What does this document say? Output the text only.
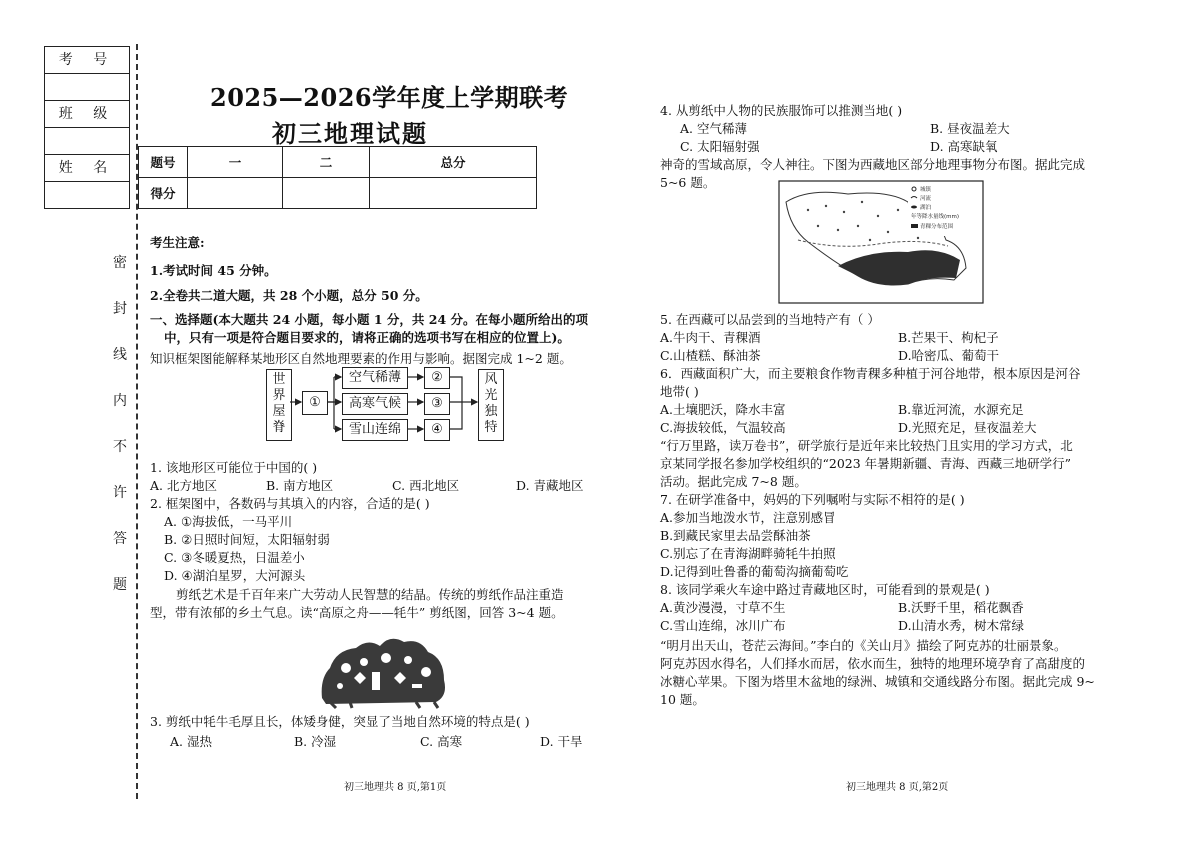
考 号
班 级
姓 名
密
封
线
内
不
许
答
题
2025—2026学年度上学期联考
初三地理试题
题号	一	二	总分
得分			
考生注意:
1.考试时间 45 分钟。
2.全卷共二道大题，共 28 个小题，总分 50 分。
一、选择题(本大题共 24 小题，每小题 1 分，共 24 分。在每小题所给出的项
中，只有一项是符合题目要求的，请将正确的选项书写在相应的位置上)。
知识框架图能解释某地形区自然地理要素的作用与影响。据图完成 1~2 题。
世界屋脊
①
空气稀薄
高寒气候
雪山连绵
②
③
④
风光独特
1. 该地形区可能位于中国的( )
A. 北方地区	B. 南方地区	C. 西北地区	D. 青藏地区
2. 框架图中，各数码与其填入的内容，合适的是( )
A. ①海拔低，一马平川
B. ②日照时间短，太阳辐射弱
C. ③冬暖夏热，日温差小
D. ④湖泊星罗，大河源头
剪纸艺术是千百年来广大劳动人民智慧的结晶。传统的剪纸作品注重造
型，带有浓郁的乡土气息。读“高原之舟——牦牛” 剪纸图，回答 3~4 题。
3. 剪纸中牦牛毛厚且长，体矮身健，突显了当地自然环境的特点是( )
A. 湿热	B. 冷湿	C. 高寒	D. 干旱
初三地理共 8 页,第1页
4. 从剪纸中人物的民族服饰可以推测当地( )
A. 空气稀薄	B. 昼夜温差大
C. 太阳辐射强	D. 高寒缺氧
神奇的雪域高原，令人神往。下图为西藏地区部分地理事物分布图。据此完成
5~6 题。	城镇
河流
湖泊
年等降水量线(mm)
青稞分布范围
5. 在西藏可以品尝到的当地特产有（ ）
A.牛肉干、青稞酒	B.芒果干、枸杞子
C.山楂糕、酥油茶	D.哈密瓜、葡萄干
6．西藏面积广大，而主要粮食作物青稞多种植于河谷地带，根本原因是河谷
地带( )
A.土壤肥沃，降水丰富	B.靠近河流，水源充足
C.海拔较低，气温较高	D.光照充足，昼夜温差大
“行万里路，读万卷书”，研学旅行是近年来比较热门且实用的学习方式，北
京某同学报名参加学校组织的“2023 年暑期新疆、青海、西藏三地研学行”
活动。据此完成 7~8 题。
7. 在研学准备中，妈妈的下列嘱咐与实际不相符的是( )
A.参加当地泼水节，注意别感冒
B.到藏民家里去品尝酥油茶
C.别忘了在青海湖畔骑牦牛拍照
D.记得到吐鲁番的葡萄沟摘葡萄吃
8. 该同学乘火车途中路过青藏地区时，可能看到的景观是( )
A.黄沙漫漫，寸草不生	B.沃野千里，稻花飘香
C.雪山连绵，冰川广布	D.山清水秀，树木常绿
“明月出天山，苍茫云海间。”李白的《关山月》描绘了阿克苏的壮丽景象。
阿克苏因水得名，人们择水而居，依水而生，独特的地理环境孕育了高甜度的
冰糖心苹果。下图为塔里木盆地的绿洲、城镇和交通线路分布图。据此完成 9~
10 题。
初三地理共 8 页,第2页
